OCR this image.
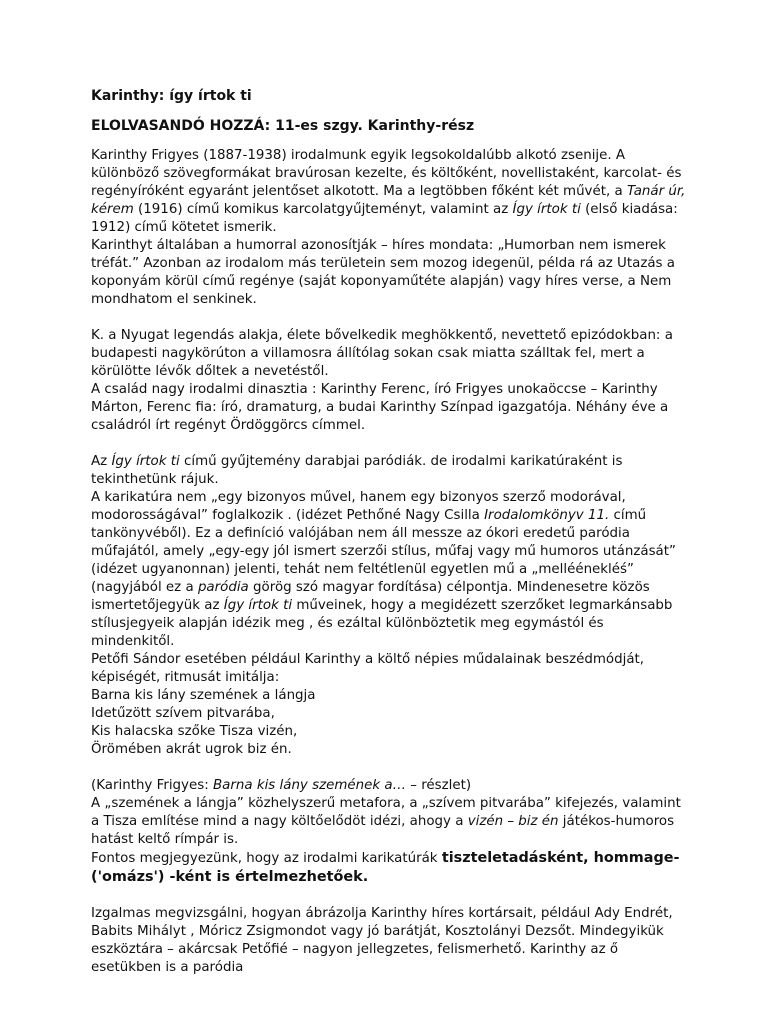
Karinthy: így írtok ti

ELOLVASANDÓ HOZZÁ: 11-es szgy. Karinthy-rész

Karinthy Frigyes (1887-1938) irodalmunk egyik legsokoldalúbb alkotó zsenije. A különböző szövegformákat bravúrosan kezelte, és költőként, novellistaként, karcolat- és regényíróként egyaránt jelentőset alkotott. Ma a legtöbben főként két művét, a Tanár úr, kérem (1916) című komikus karcolatgyűjteményt, valamint az Így írtok ti (első kiadása: 1912) című kötetet ismerik.

Karinthyt általában a humorral azonosítják – híres mondata: „Humorban nem ismerek tréfát.” Azonban az irodalom más területein sem mozog idegenül, példa rá az Utazás a koponyám körül című regénye (saját koponyaműtéte alapján) vagy híres verse, a Nem mondhatom el senkinek.

K. a Nyugat legendás alakja, élete bővelkedik meghökkentő, nevettető epizódokban: a budapesti nagykörúton a villamosra állítólag sokan csak miatta szálltak fel, mert a körülötte lévők dőltek a nevetéstől.

A család nagy irodalmi dinasztia : Karinthy Ferenc, író Frigyes unokaöccse – Karinthy Márton, Ferenc fia: író, dramaturg, a budai Karinthy Színpad igazgatója. Néhány éve a családról írt regényt Ördöggörcs címmel.

Az Így írtok ti című gyűjtemény darabjai paródiák. de irodalmi karikatúraként is tekinthetünk rájuk.

A karikatúra nem „egy bizonyos művel, hanem egy bizonyos szerző modorával, modorosságával” foglalkozik . (idézet Pethőné Nagy Csilla Irodalomkönyv 11. című tankönyvéből). Ez a definíció valójában nem áll messze az ókori eredetű paródia műfajától, amely „egy-egy jól ismert szerzői stílus, műfaj vagy mű humoros utánzását” (idézet ugyanonnan) jelenti, tehát nem feltétlenül egyetlen mű a „melléénekléś” (nagyjából ez a paródia görög szó magyar fordítása) célpontja. Mindenesetre közös ismertetőjegyük az Így írtok ti műveinek, hogy a megidézett szerzőket legmarkánsabb stílusjegyeik alapján idézik meg , és ezáltal különböztetik meg egymástól és mindenkitől.

Petőfi Sándor esetében például Karinthy a költő népies műdalainak beszédmódját, képiségét, ritmusát imitálja:

Barna kis lány szemének a lángja

Idetűzött szívem pitvarába,

Kis halacska szőke Tisza vizén,

Örömében akrát ugrok biz én.

(Karinthy Frigyes: Barna kis lány szemének a… – részlet)

A „szemének a lángja” közhelyszerű metafora, a „szívem pitvarába” kifejezés, valamint a Tisza említése mind a nagy költőelődöt idézi, ahogy a vizén – biz én játékos-humoros hatást keltő rímpár is.

Fontos megjegyezünk, hogy az irodalmi karikatúrák tiszteletadásként, hommage- ('omázs') -ként is értelmezhetőek.

Izgalmas megvizsgálni, hogyan ábrázolja Karinthy híres kortársait, például Ady Endrét, Babits Mihályt , Móricz Zsigmondot vagy jó barátját, Kosztolányi Dezsőt. Mindegyikük eszköztára – akárcsak Petőfié – nagyon jellegzetes, felismerhető. Karinthy az ő esetükben is a paródia
